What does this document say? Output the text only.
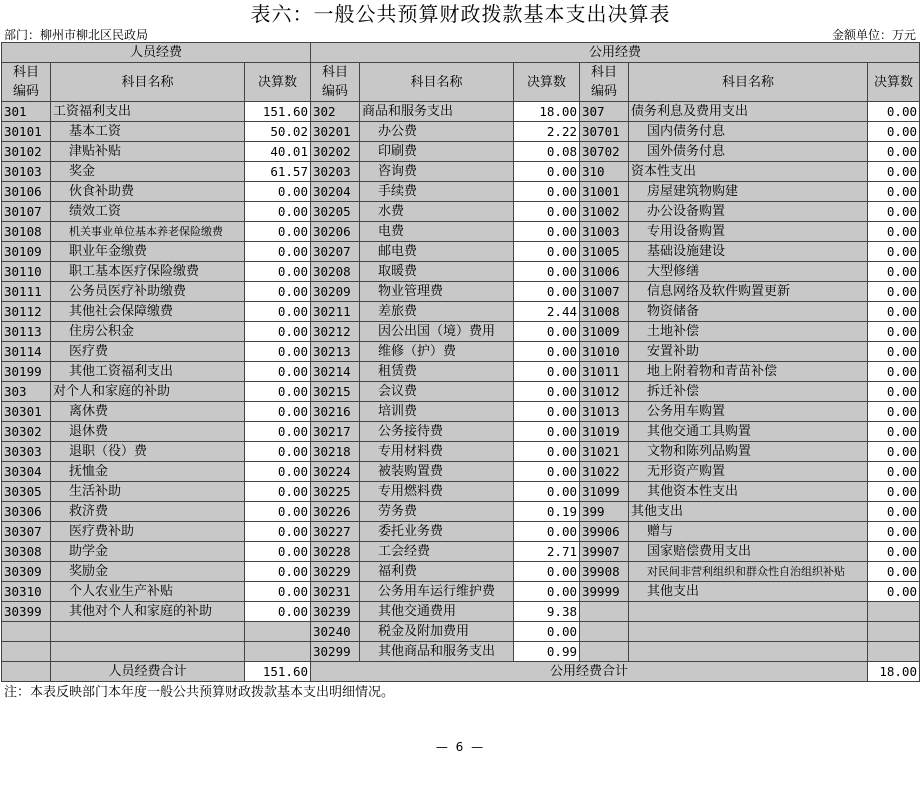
表六：一般公共预算财政拨款基本支出决算表
部门：柳州市柳北区民政局	金额单位：万元
人员经费			公用经费					
科目
编码	科目名称	决算数	科目
编码	科目名称	决算数	科目
编码	科目名称	决算数
301	工资福利支出	151.60	302	商品和服务支出	18.00	307	债务利息及费用支出	0.00
30101	基本工资	50.02	30201	办公费	2.22	30701	国内债务付息	0.00
30102	津贴补贴	40.01	30202	印刷费	0.08	30702	国外债务付息	0.00
30103	奖金	61.57	30203	咨询费	0.00	310	资本性支出	0.00
30106	伙食补助费	0.00	30204	手续费	0.00	31001	房屋建筑物购建	0.00
30107	绩效工资	0.00	30205	水费	0.00	31002	办公设备购置	0.00
30108	机关事业单位基本养老保险缴费	0.00	30206	电费	0.00	31003	专用设备购置	0.00
30109	职业年金缴费	0.00	30207	邮电费	0.00	31005	基础设施建设	0.00
30110	职工基本医疗保险缴费	0.00	30208	取暖费	0.00	31006	大型修缮	0.00
30111	公务员医疗补助缴费	0.00	30209	物业管理费	0.00	31007	信息网络及软件购置更新	0.00
30112	其他社会保障缴费	0.00	30211	差旅费	2.44	31008	物资储备	0.00
30113	住房公积金	0.00	30212	因公出国（境）费用	0.00	31009	土地补偿	0.00
30114	医疗费	0.00	30213	维修（护）费	0.00	31010	安置补助	0.00
30199	其他工资福利支出	0.00	30214	租赁费	0.00	31011	地上附着物和青苗补偿	0.00
303	对个人和家庭的补助	0.00	30215	会议费	0.00	31012	拆迁补偿	0.00
30301	离休费	0.00	30216	培训费	0.00	31013	公务用车购置	0.00
30302	退休费	0.00	30217	公务接待费	0.00	31019	其他交通工具购置	0.00
30303	退职（役）费	0.00	30218	专用材料费	0.00	31021	文物和陈列品购置	0.00
30304	抚恤金	0.00	30224	被装购置费	0.00	31022	无形资产购置	0.00
30305	生活补助	0.00	30225	专用燃料费	0.00	31099	其他资本性支出	0.00
30306	救济费	0.00	30226	劳务费	0.19	399	其他支出	0.00
30307	医疗费补助	0.00	30227	委托业务费	0.00	39906	赠与	0.00
30308	助学金	0.00	30228	工会经费	2.71	39907	国家赔偿费用支出	0.00
30309	奖励金	0.00	30229	福利费	0.00	39908	对民间非营利组织和群众性自治组织补贴	0.00
30310	个人农业生产补贴	0.00	30231	公务用车运行维护费	0.00	39999	其他支出	0.00
30399	其他对个人和家庭的补助	0.00	30239	其他交通费用	9.38			
			30240	税金及附加费用	0.00			
			30299	其他商品和服务支出	0.99			
	人员经费合计	151.60	公用经费合计					18.00
注：本表反映部门本年度一般公共预算财政拨款基本支出明细情况。
— 6 —
